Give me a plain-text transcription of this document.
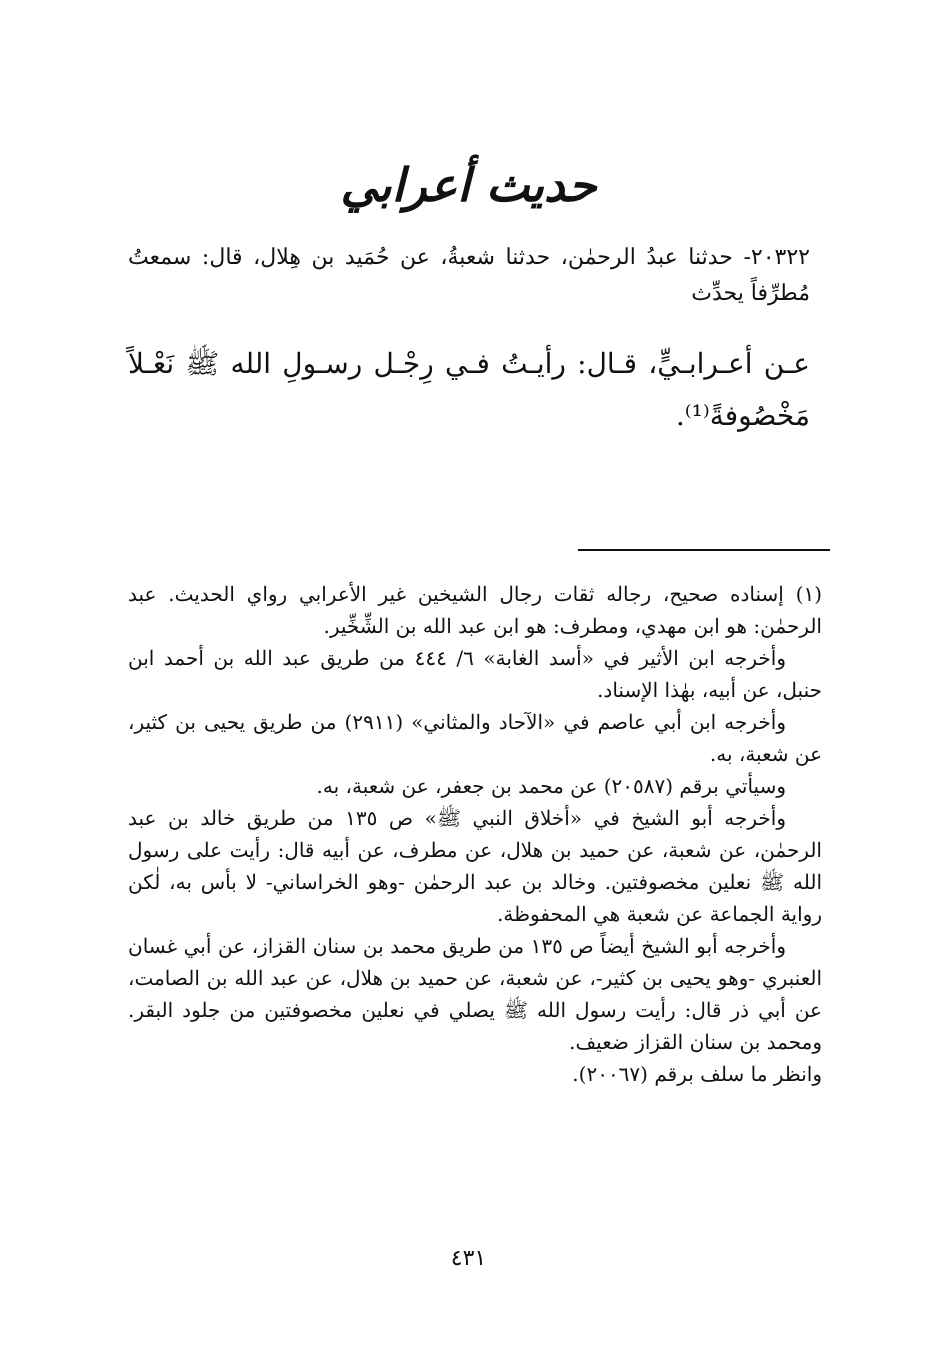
حديث أعرابي
٢٠٣٢٢- حدثنا عبدُ الرحمٰن، حدثنا شعبةُ، عن حُمَيد بن هِلال، قال: سمعتُ مُطرِّفاً يحدِّث
عـن أعـرابـيٍّ، قـال: رأيـتُ فـي رِجْـل رسـولِ الله ﷺ نَعْـلاً مَخْصُوفةً⁽¹⁾.

(١) إسناده صحيح، رجاله ثقات رجال الشيخين غير الأعرابي رواي الحديث. عبد الرحمٰن: هو ابن مهدي، ومطرف: هو ابن عبد الله بن الشِّخِّير.

وأخرجه ابن الأثير في «أسد الغابة» ٦/ ٤٤٤ من طريق عبد الله بن أحمد ابن حنبل، عن أبيه، بهٰذا الإسناد.

وأخرجه ابن أبي عاصم في «الآحاد والمثاني» (٢٩١١) من طريق يحيى بن كثير، عن شعبة، به.

وسيأتي برقم (٢٠٥٨٧) عن محمد بن جعفر، عن شعبة، به.

وأخرجه أبو الشيخ في «أخلاق النبي ﷺ» ص ١٣٥ من طريق خالد بن عبد الرحمٰن، عن شعبة، عن حميد بن هلال، عن مطرف، عن أبيه قال: رأيت على رسول الله ﷺ نعلين مخصوفتين. وخالد بن عبد الرحمٰن -وهو الخراساني- لا بأس به، لٰكن رواية الجماعة عن شعبة هي المحفوظة.

وأخرجه أبو الشيخ أيضاً ص ١٣٥ من طريق محمد بن سنان القزاز، عن أبي غسان العنبري -وهو يحيى بن كثير-، عن شعبة، عن حميد بن هلال، عن عبد الله بن الصامت، عن أبي ذر قال: رأيت رسول الله ﷺ يصلي في نعلين مخصوفتين من جلود البقر. ومحمد بن سنان القزاز ضعيف.

وانظر ما سلف برقم (٢٠٠٦٧).

٤٣١
